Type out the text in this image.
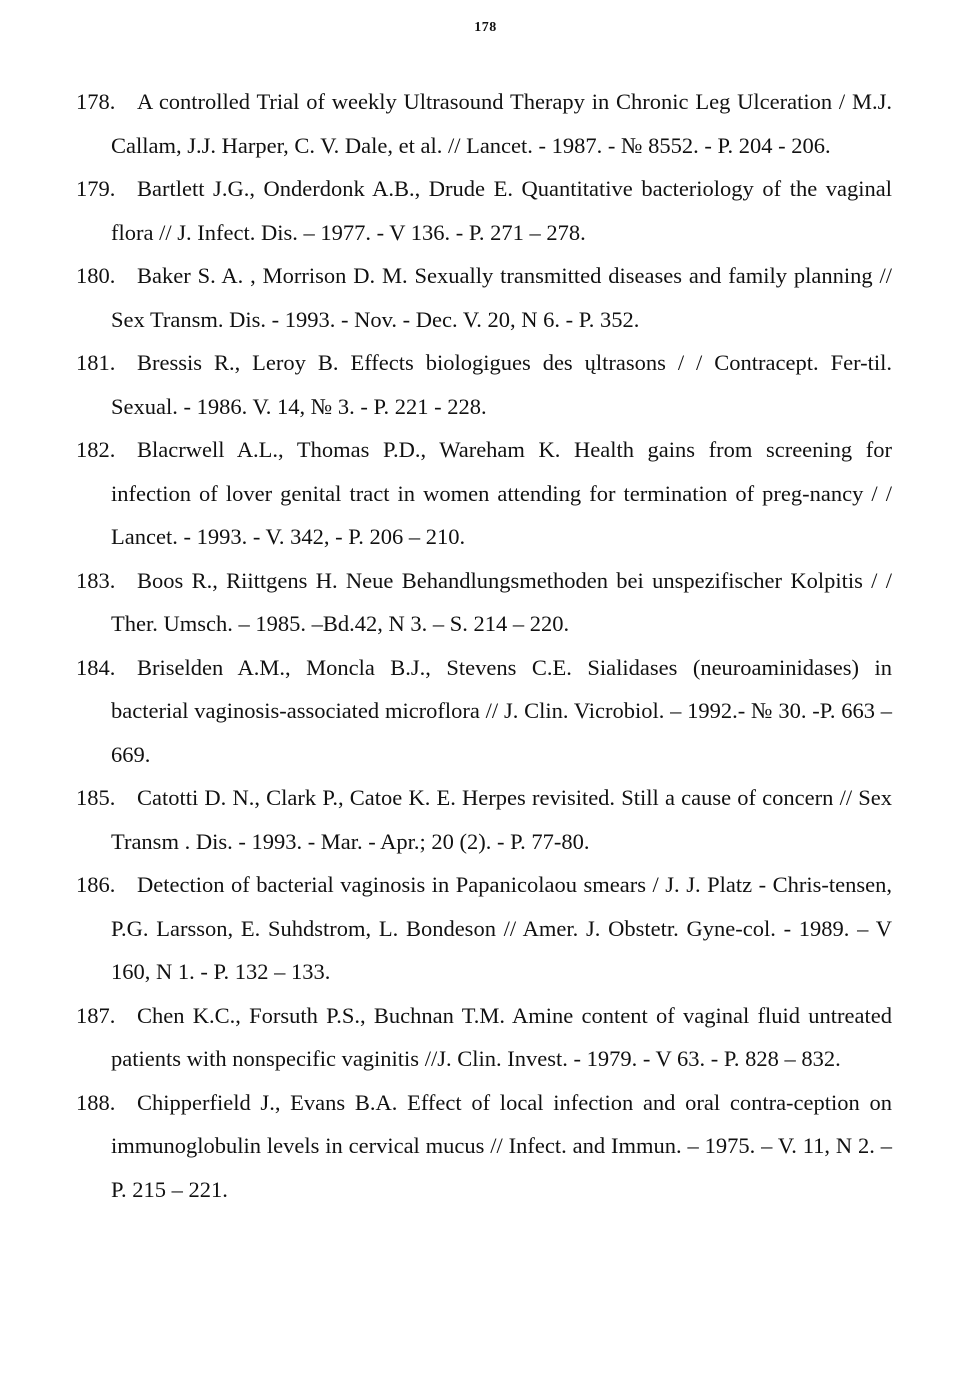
178
178. A controlled Trial of weekly Ultrasound Therapy in Chronic Leg Ulceration / M.J. Callam, J.J. Harper, C. V. Dale, et al. // Lancet. - 1987. - № 8552. - P. 204 - 206.
179. Bartlett J.G., Onderdonk A.B., Drude E. Quantitative bacteriology of the vaginal flora // J. Infect. Dis. – 1977. - V 136. - P. 271 – 278.
180. Baker S. A. , Morrison D. M. Sexually transmitted diseases and family planning // Sex Transm. Dis. - 1993. - Nov. - Dec. V. 20, N 6. - P. 352.
181. Bressis R., Leroy B. Effects biologigues des ųltrasons / / Contracept. Fer-til. Sexual. - 1986. V. 14, № 3. - P. 221 - 228.
182. Blacrwell A.L., Thomas P.D., Wareham K. Health gains from screening for infection of lover genital tract in women attending for termination of preg-nancy / / Lancet. - 1993. - V. 342, - P. 206 – 210.
183. Boos R., Riittgens H. Neue Behandlungsmethoden bei unspezifischer Kolpitis / / Ther. Umsch. – 1985. –Bd.42, N 3. – S. 214 – 220.
184. Briselden A.M., Moncla B.J., Stevens C.E. Sialidases (neuroaminidases) in bacterial vaginosis-associated microflora // J. Clin. Vicrobiol. – 1992.- № 30. -P. 663 – 669.
185. Catotti D. N., Clark P., Catoe K. E. Herpes revisited. Still a cause of concern // Sex Transm . Dis. - 1993. - Mar. - Apr.; 20 (2). - P. 77-80.
186. Detection of bacterial vaginosis in Papanicolaou smears / J. J. Platz - Chris-tensen, P.G. Larsson, E. Suhdstrom, L. Bondeson // Amer. J. Obstetr. Gyne-col. - 1989. – V 160, N 1. - P. 132 – 133.
187. Chen K.C., Forsuth P.S., Buchnan T.M. Amine content of vaginal fluid untreated patients with nonspecific vaginitis //J. Clin. Invest. - 1979. - V 63. - P. 828 – 832.
188. Chipperfield J., Evans B.A. Effect of local infection and oral contra-ception on immunoglobulin levels in cervical mucus // Infect. and Immun. – 1975. – V. 11, N 2. – P. 215 – 221.
